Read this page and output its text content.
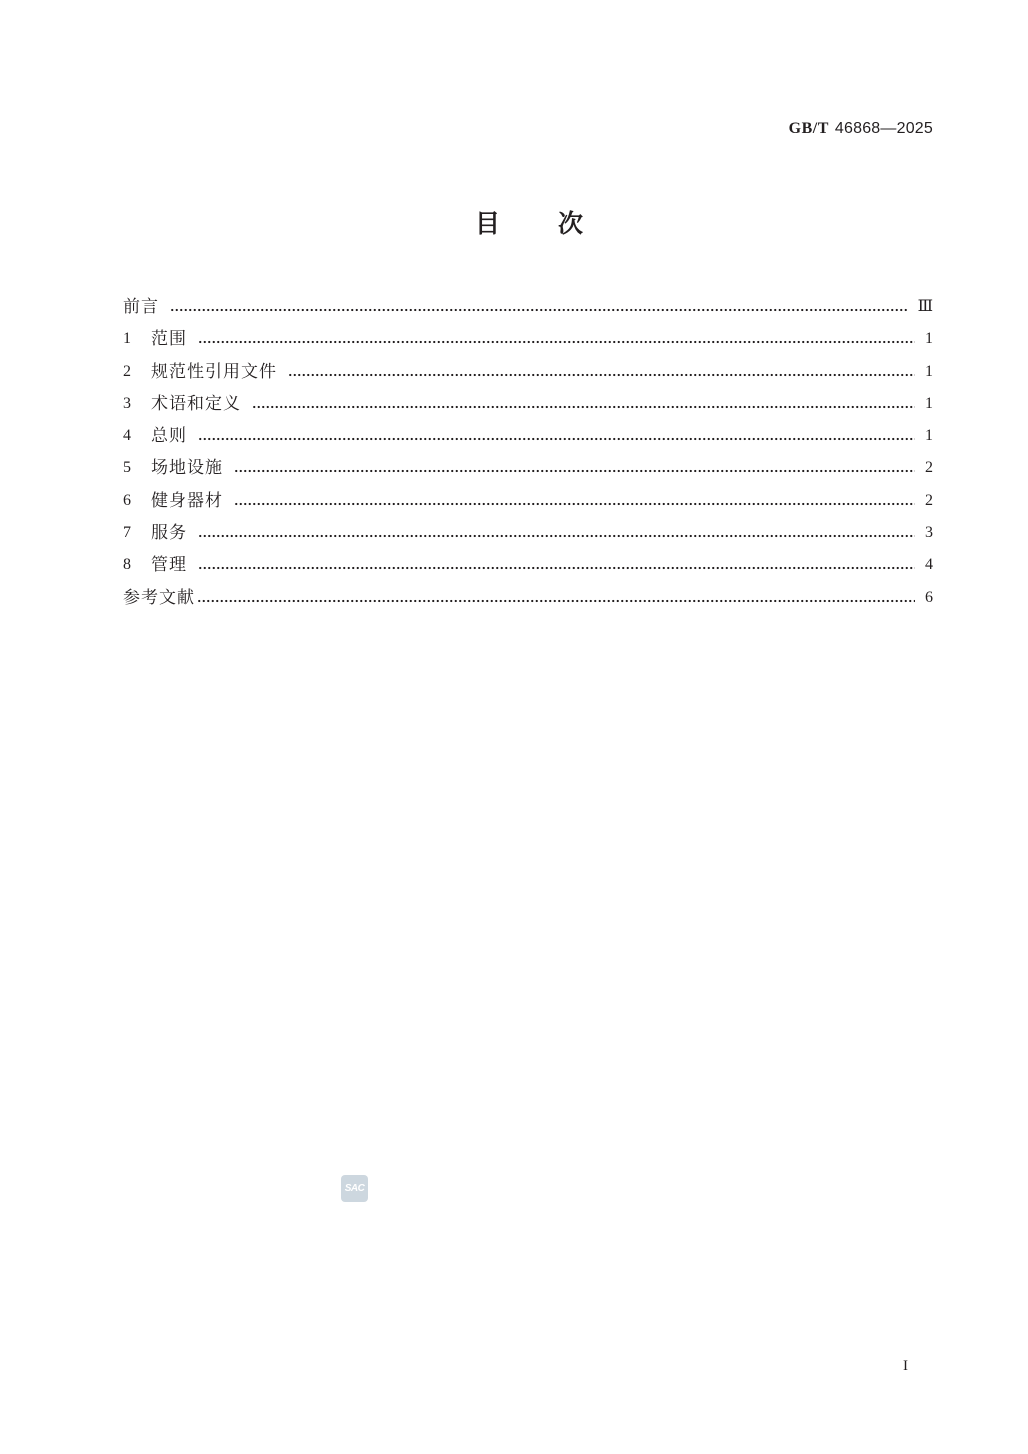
GB/T 46868—2025
目 次
前言	Ⅲ
1	范围	1
2	规范性引用文件	1
3	术语和定义	1
4	总则	1
5	场地设施	2
6	健身器材	2
7	服务	3
8	管理	4
参考文献	6
SAC
I
